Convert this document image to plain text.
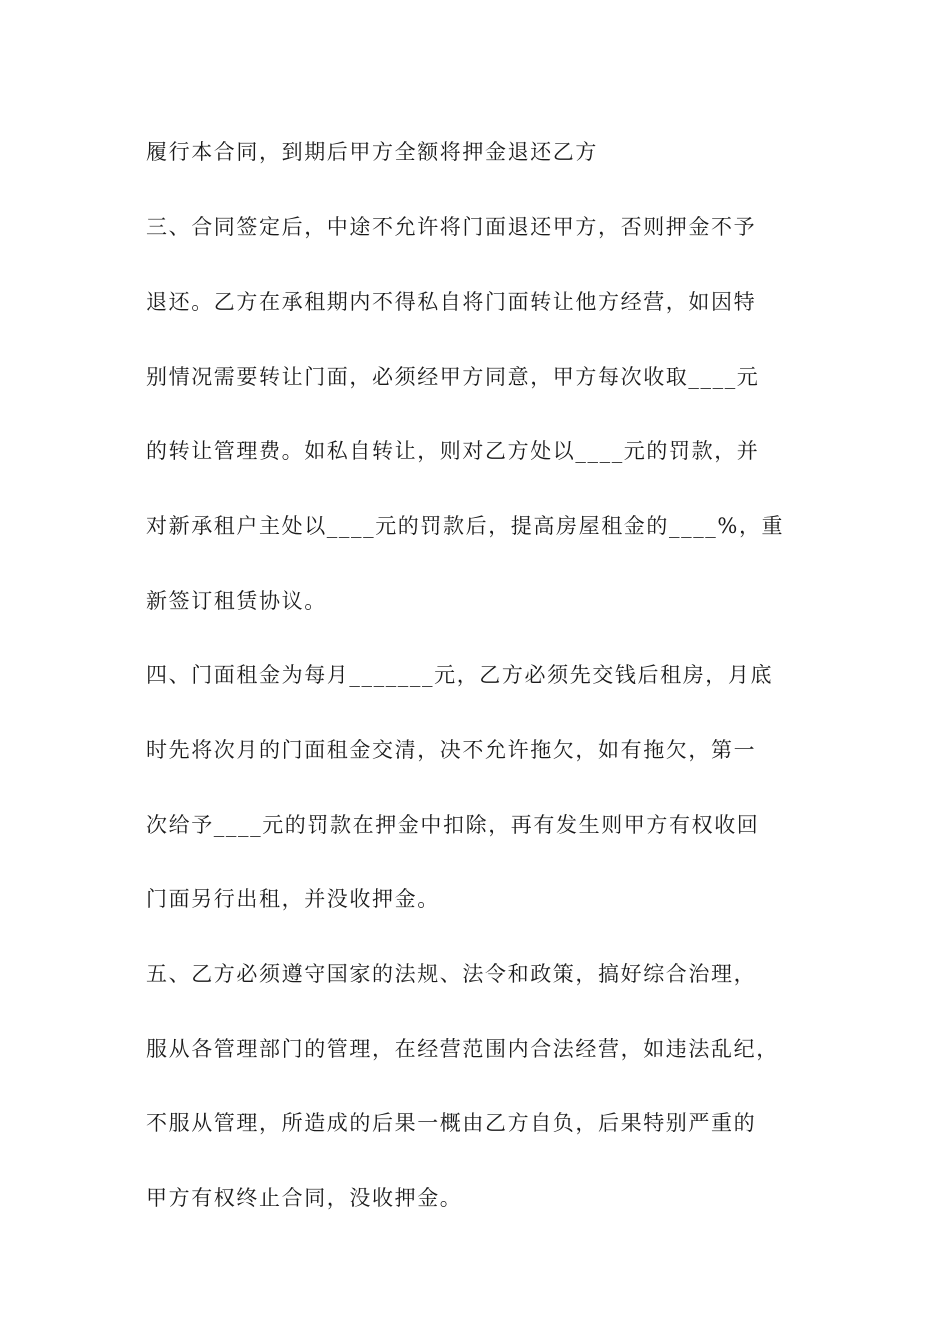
履行本合同，到期后甲方全额将押金退还乙方
三、合同签定后，中途不允许将门面退还甲方，否则押金不予
退还。乙方在承租期内不得私自将门面转让他方经营，如因特
别情况需要转让门面，必须经甲方同意，甲方每次收取____元
的转让管理费。如私自转让，则对乙方处以____元的罚款，并
对新承租户主处以____元的罚款后，提高房屋租金的____%，重
新签订租赁协议。
四、门面租金为每月_______元，乙方必须先交钱后租房，月底
时先将次月的门面租金交清，决不允许拖欠，如有拖欠，第一
次给予____元的罚款在押金中扣除，再有发生则甲方有权收回
门面另行出租，并没收押金。
五、乙方必须遵守国家的法规、法令和政策，搞好综合治理，
服从各管理部门的管理，在经营范围内合法经营，如违法乱纪，
不服从管理，所造成的后果一概由乙方自负，后果特别严重的
甲方有权终止合同，没收押金。
